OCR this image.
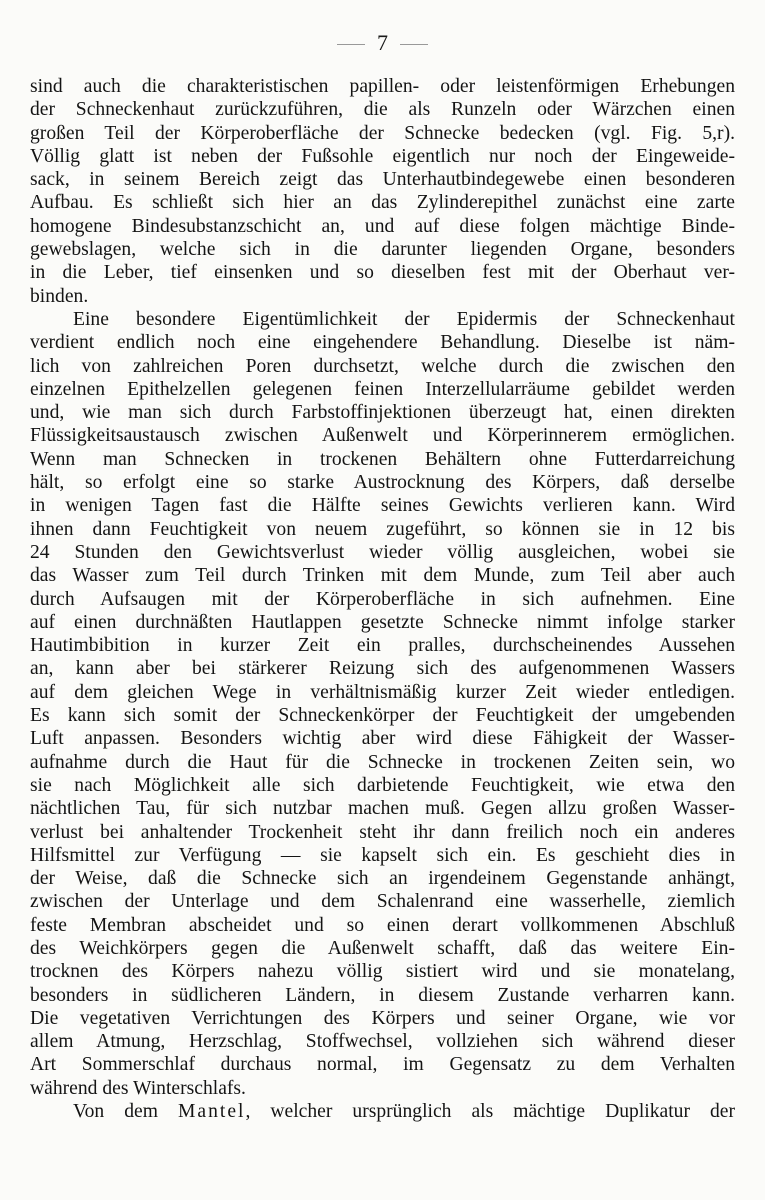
7
sind auch die charakteristischen papillen- oder leistenförmigen Erhebungen
der Schneckenhaut zurückzuführen, die als Runzeln oder Wärzchen einen
großen Teil der Körperoberfläche der Schnecke bedecken (vgl. Fig. 5,r).
Völlig glatt ist neben der Fußsohle eigentlich nur noch der Eingeweide-
sack, in seinem Bereich zeigt das Unterhautbindegewebe einen besonderen
Aufbau. Es schließt sich hier an das Zylinderepithel zunächst eine zarte
homogene Bindesubstanzschicht an, und auf diese folgen mächtige Binde-
gewebslagen, welche sich in die darunter liegenden Organe, besonders
in die Leber, tief einsenken und so dieselben fest mit der Oberhaut ver-
binden.
Eine besondere Eigentümlichkeit der Epidermis der Schneckenhaut
verdient endlich noch eine eingehendere Behandlung. Dieselbe ist näm-
lich von zahlreichen Poren durchsetzt, welche durch die zwischen den
einzelnen Epithelzellen gelegenen feinen Interzellularräume gebildet werden
und, wie man sich durch Farbstoffinjektionen überzeugt hat, einen direkten
Flüssigkeitsaustausch zwischen Außenwelt und Körperinnerem ermöglichen.
Wenn man Schnecken in trockenen Behältern ohne Futterdarreichung
hält, so erfolgt eine so starke Austrocknung des Körpers, daß derselbe
in wenigen Tagen fast die Hälfte seines Gewichts verlieren kann. Wird
ihnen dann Feuchtigkeit von neuem zugeführt, so können sie in 12 bis
24 Stunden den Gewichtsverlust wieder völlig ausgleichen, wobei sie
das Wasser zum Teil durch Trinken mit dem Munde, zum Teil aber auch
durch Aufsaugen mit der Körperoberfläche in sich aufnehmen. Eine
auf einen durchnäßten Hautlappen gesetzte Schnecke nimmt infolge starker
Hautimbibition in kurzer Zeit ein pralles, durchscheinendes Aussehen
an, kann aber bei stärkerer Reizung sich des aufgenommenen Wassers
auf dem gleichen Wege in verhältnismäßig kurzer Zeit wieder entledigen.
Es kann sich somit der Schneckenkörper der Feuchtigkeit der umgebenden
Luft anpassen. Besonders wichtig aber wird diese Fähigkeit der Wasser-
aufnahme durch die Haut für die Schnecke in trockenen Zeiten sein, wo
sie nach Möglichkeit alle sich darbietende Feuchtigkeit, wie etwa den
nächtlichen Tau, für sich nutzbar machen muß. Gegen allzu großen Wasser-
verlust bei anhaltender Trockenheit steht ihr dann freilich noch ein anderes
Hilfsmittel zur Verfügung — sie kapselt sich ein. Es geschieht dies in
der Weise, daß die Schnecke sich an irgendeinem Gegenstande anhängt,
zwischen der Unterlage und dem Schalenrand eine wasserhelle, ziemlich
feste Membran abscheidet und so einen derart vollkommenen Abschluß
des Weichkörpers gegen die Außenwelt schafft, daß das weitere Ein-
trocknen des Körpers nahezu völlig sistiert wird und sie monatelang,
besonders in südlicheren Ländern, in diesem Zustande verharren kann.
Die vegetativen Verrichtungen des Körpers und seiner Organe, wie vor
allem Atmung, Herzschlag, Stoffwechsel, vollziehen sich während dieser
Art Sommerschlaf durchaus normal, im Gegensatz zu dem Verhalten
während des Winterschlafs.
Von dem Mantel, welcher ursprünglich als mächtige Duplikatur der
